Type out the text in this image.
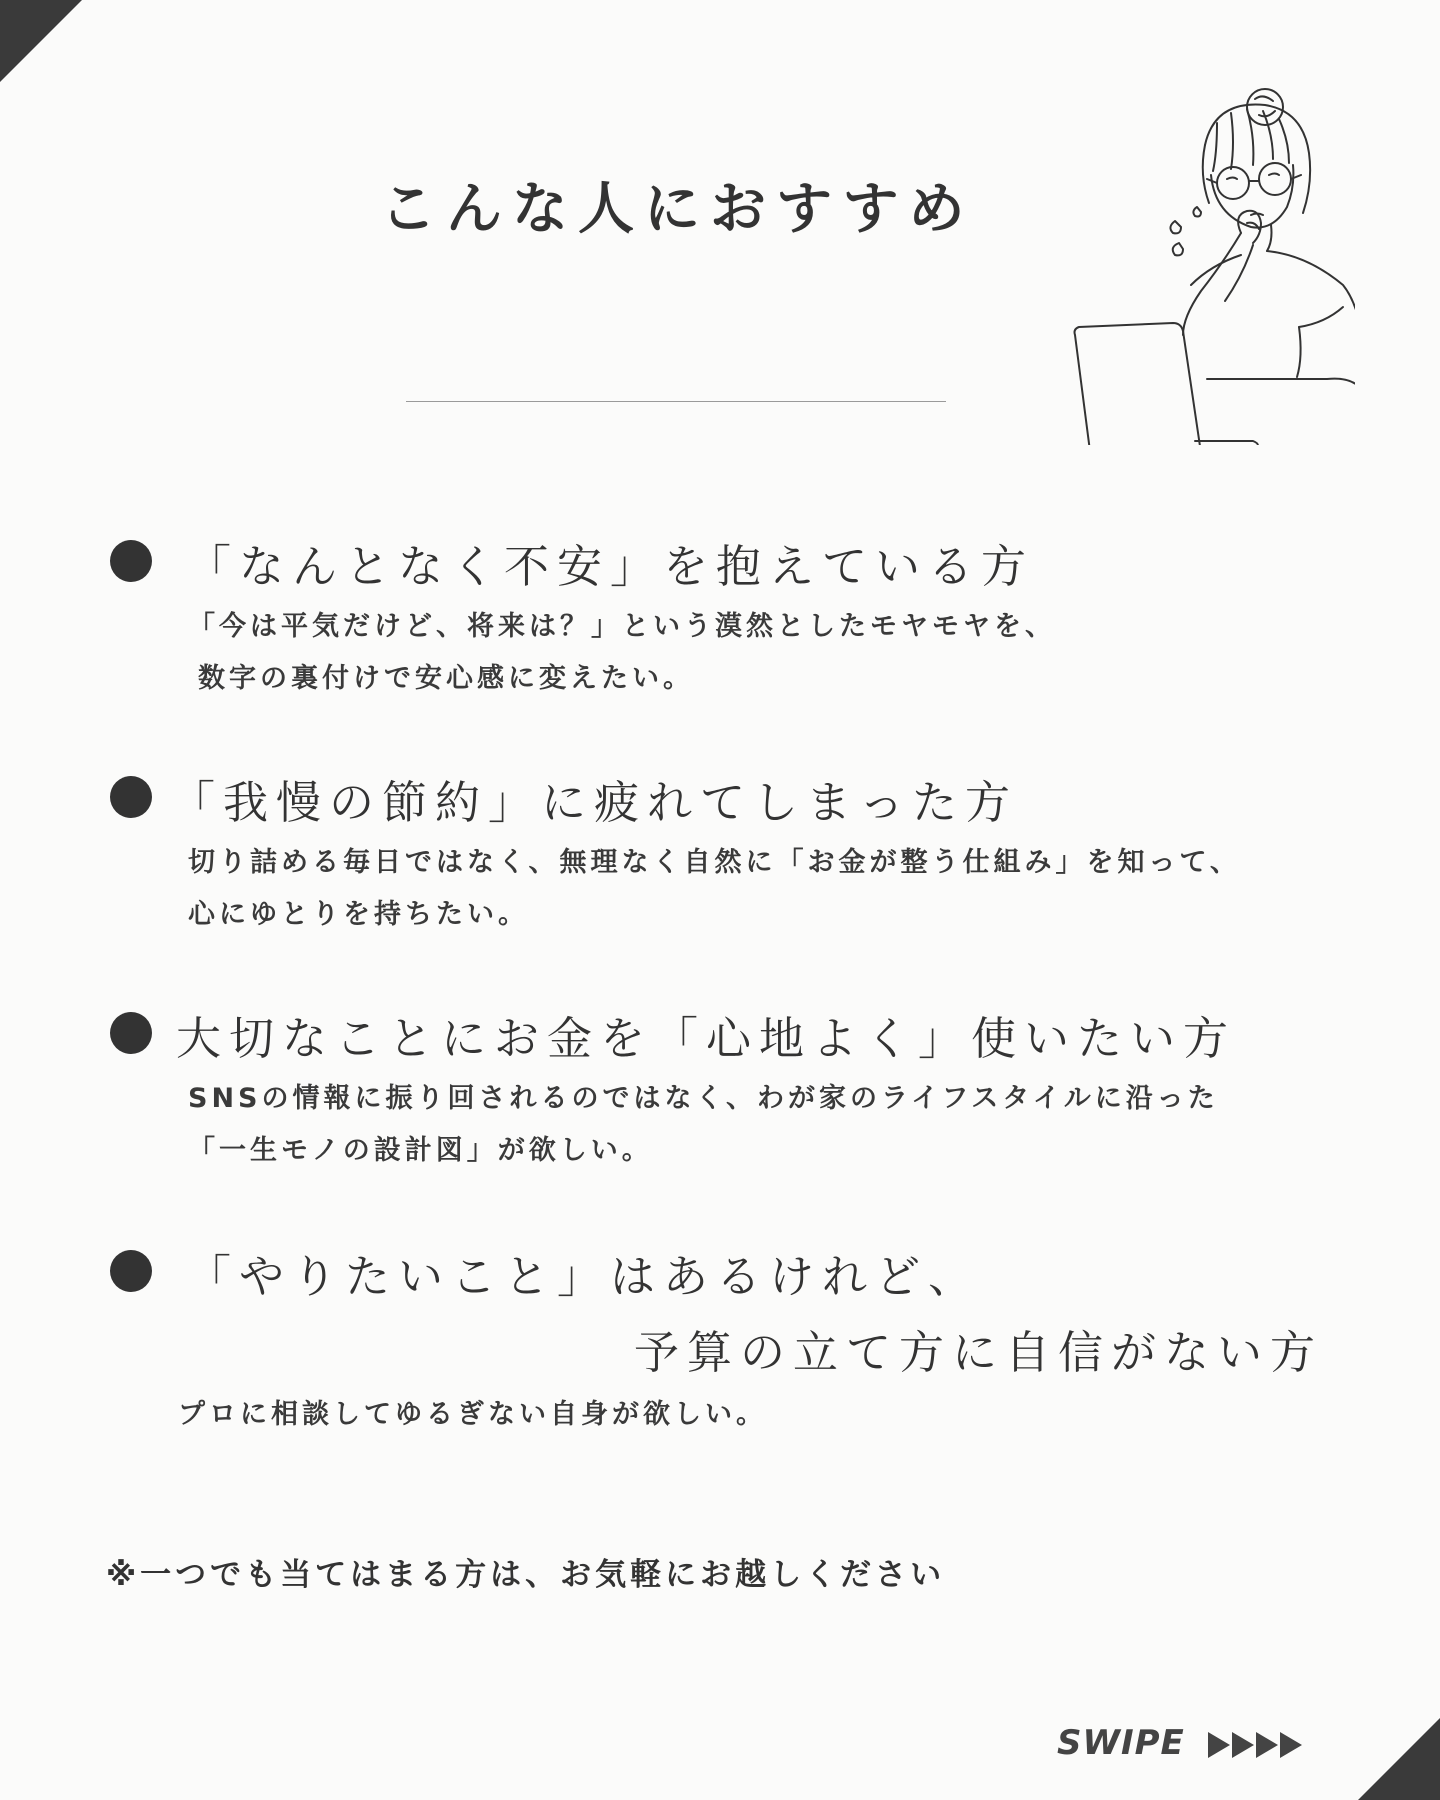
こんな人におすすめ
「なんとなく不安」を抱えている方
「今は平気だけど、将来は？」という漠然としたモヤモヤを、
数字の裏付けで安心感に変えたい。
「我慢の節約」に疲れてしまった方
切り詰める毎日ではなく、無理なく自然に「お金が整う仕組み」を知って、
心にゆとりを持ちたい。
大切なことにお金を「心地よく」使いたい方
SNSの情報に振り回されるのではなく、わが家のライフスタイルに沿った
「一生モノの設計図」が欲しい。
「やりたいこと」はあるけれど、
予算の立て方に自信がない方
プロに相談してゆるぎない自身が欲しい。
※一つでも当てはまる方は、お気軽にお越しください
SWIPE
